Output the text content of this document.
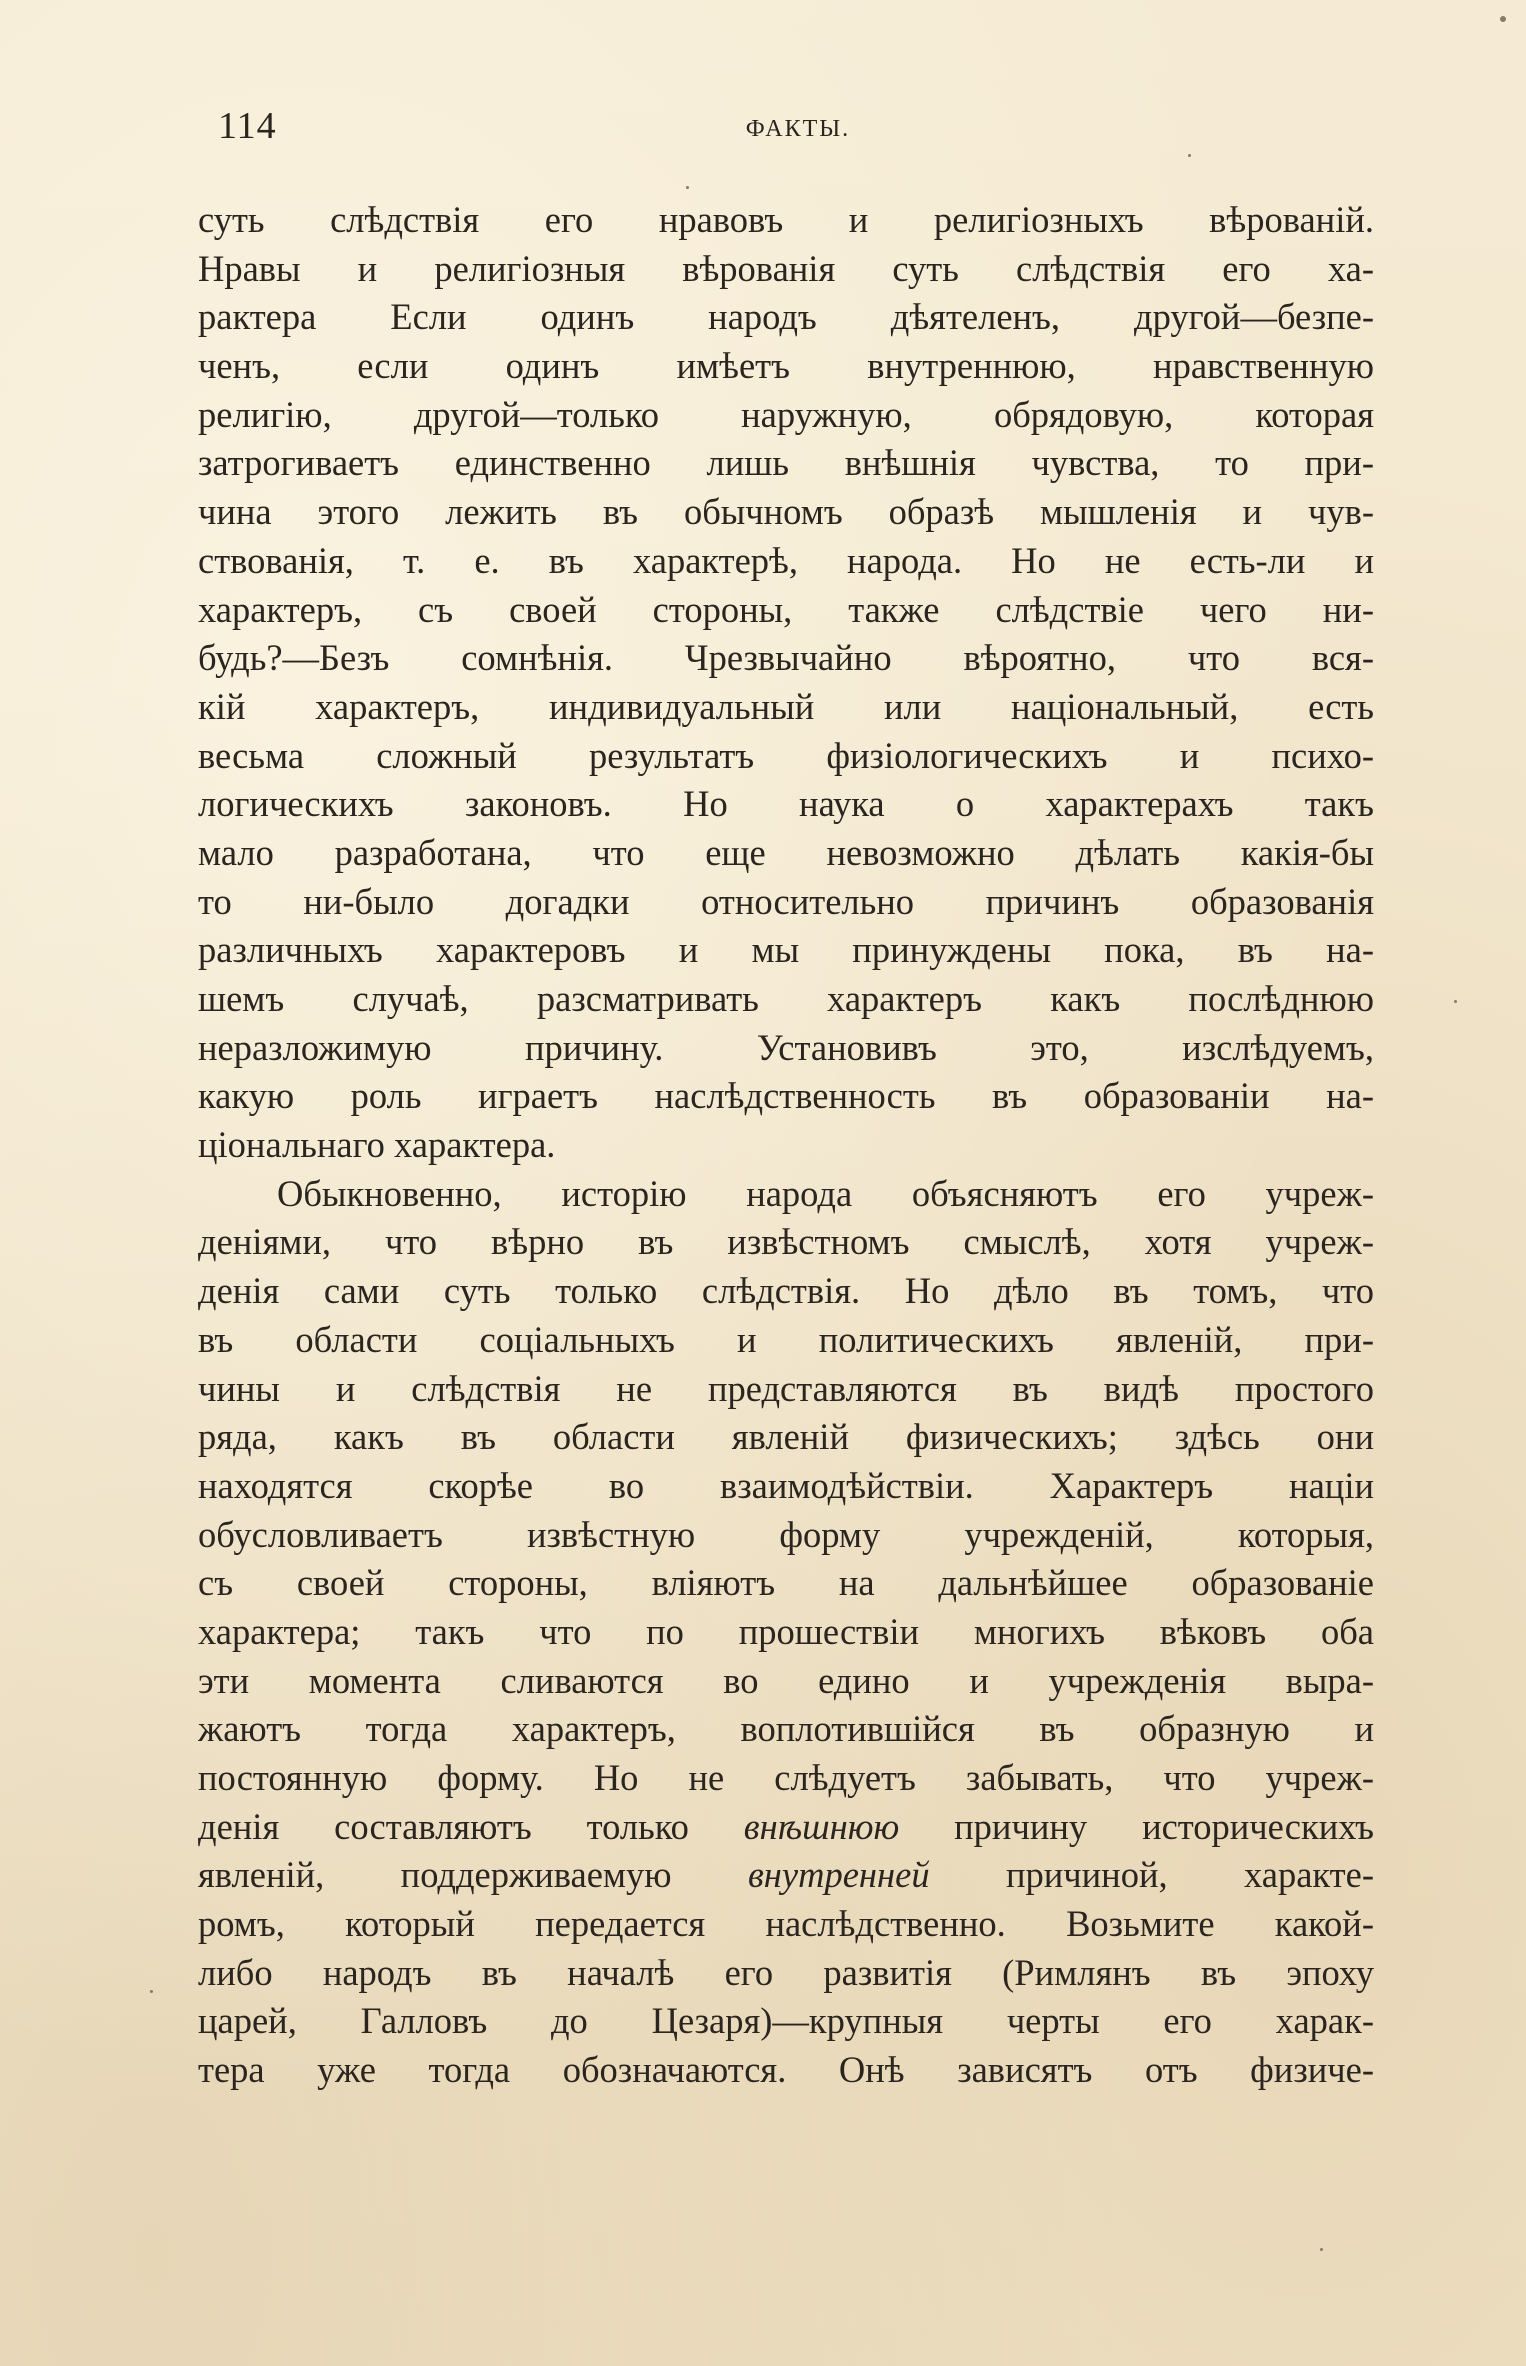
114	ФАКТЫ.
суть слѣдствія его нравовъ и религіозныхъ вѣрованій.
Нравы и религіозныя вѣрованія суть слѣдствія его ха-
рактера Если одинъ народъ дѣятеленъ, другой—безпе-
ченъ, если одинъ имѣетъ внутреннюю, нравственную
религію, другой—только наружную, обрядовую, которая
затрогиваетъ единственно лишь внѣшнія чувства, то при-
чина этого лежить въ обычномъ образѣ мышленія и чув-
ствованія, т. е. въ характерѣ, народа. Но не есть-ли и
характеръ, съ своей стороны, также слѣдствіе чего ни-
будь?—Безъ сомнѣнія. Чрезвычайно вѣроятно, что вся-
кій характеръ, индивидуальный или національный, есть
весьма сложный результатъ физіологическихъ и психо-
логическихъ законовъ. Но наука о характерахъ такъ
мало разработана, что еще невозможно дѣлать какія-бы
то ни-было догадки относительно причинъ образованія
различныхъ характеровъ и мы принуждены пока, въ на-
шемъ случаѣ, разсматривать характеръ какъ послѣднюю
неразложимую причину. Установивъ это, изслѣдуемъ,
какую роль играетъ наслѣдственность въ образованіи на-
ціональнаго характера.
Обыкновенно, исторію народа объясняютъ его учреж-
деніями, что вѣрно въ извѣстномъ смыслѣ, хотя учреж-
денія сами суть только слѣдствія. Но дѣло въ томъ, что
въ области соціальныхъ и политическихъ явленій, при-
чины и слѣдствія не представляются въ видѣ простого
ряда, какъ въ области явленій физическихъ; здѣсь они
находятся скорѣе во взаимодѣйствіи. Характеръ націи
обусловливаетъ извѣстную форму учрежденій, которыя,
съ своей стороны, вліяютъ на дальнѣйшее образованіе
характера; такъ что по прошествіи многихъ вѣковъ оба
эти момента сливаются во едино и учрежденія выра-
жаютъ тогда характеръ, воплотившійся въ образную и
постоянную форму. Но не слѣдуетъ забывать, что учреж-
денія составляютъ только внѣшнюю причину историческихъ
явленій, поддерживаемую внутренней причиной, характе-
ромъ, который передается наслѣдственно. Возьмите какой-
либо народъ въ началѣ его развитія (Римлянъ въ эпоху
царей, Галловъ до Цезаря)—крупныя черты его харак-
тера уже тогда обозначаются. Онѣ зависятъ отъ физиче-
